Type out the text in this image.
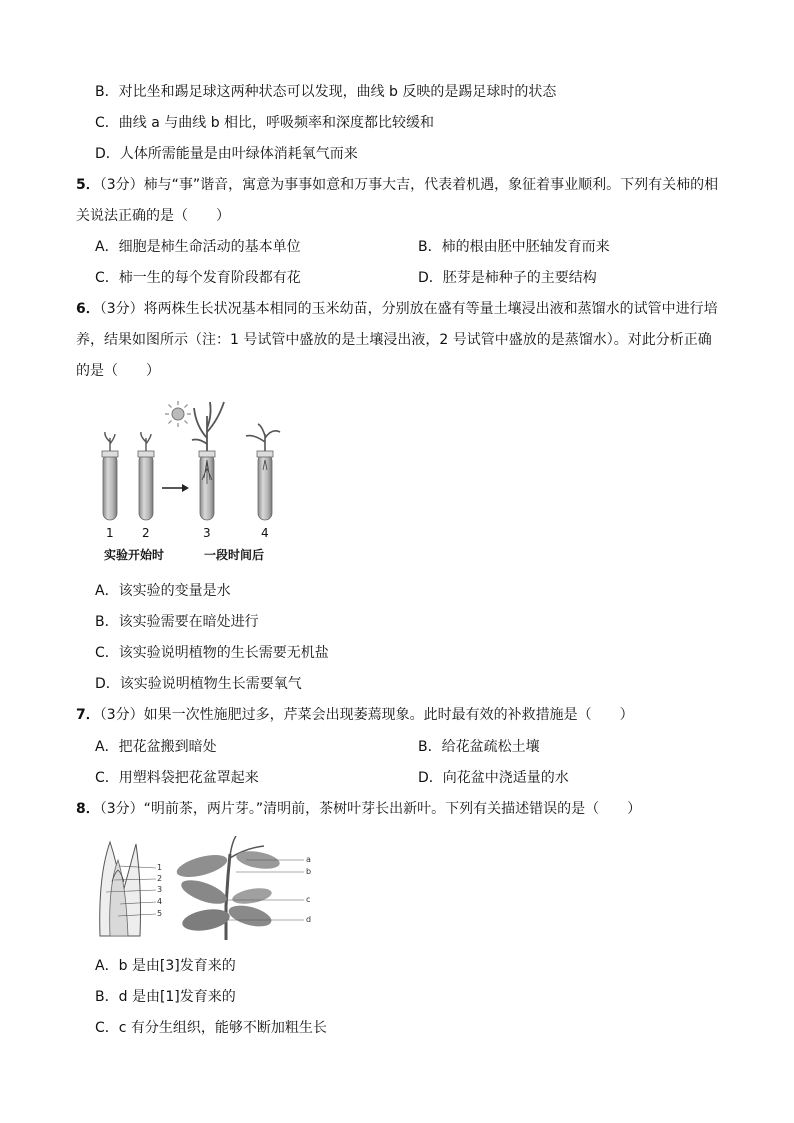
B．对比坐和踢足球这两种状态可以发现，曲线 b 反映的是踢足球时的状态
C．曲线 a 与曲线 b 相比，呼吸频率和深度都比较缓和
D．人体所需能量是由叶绿体消耗氧气而来
5．（3分）柿与“事”谐音，寓意为事事如意和万事大吉，代表着机遇，象征着事业顺利。下列有关柿的相
关说法正确的是（　　）
A．细胞是柿生命活动的基本单位	B．柿的根由胚中胚轴发育而来
C．柿一生的每个发育阶段都有花	D．胚芽是柿种子的主要结构
6．（3分）将两株生长状况基本相同的玉米幼苗，分别放在盛有等量土壤浸出液和蒸馏水的试管中进行培
养，结果如图所示（注：1 号试管中盛放的是土壤浸出液，2 号试管中盛放的是蒸馏水）。对此分析正确
的是（　　）
1 2	3	4
实验开始时	一段时间后
A．该实验的变量是水
B．该实验需要在暗处进行
C．该实验说明植物的生长需要无机盐
D．该实验说明植物生长需要氧气
7．（3分）如果一次性施肥过多，芹菜会出现萎蔫现象。此时最有效的补救措施是（　　）
A．把花盆搬到暗处	B．给花盆疏松土壤
C．用塑料袋把花盆罩起来	D．向花盆中浇适量的水
8．（3分）“明前茶，两片芽。”清明前，茶树叶芽长出新叶。下列有关描述错误的是（　　）
1
2
3
4
5
a
b
c
d
A．b 是由[3]发育来的
B．d 是由[1]发育来的
C．c 有分生组织，能够不断加粗生长
